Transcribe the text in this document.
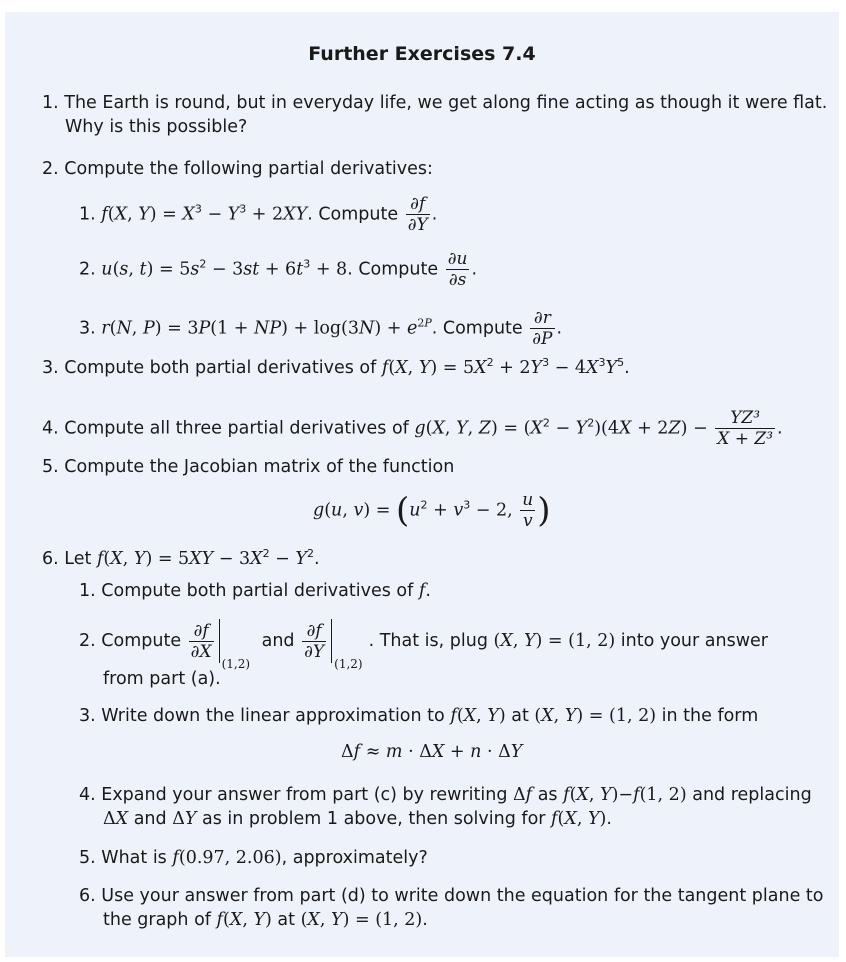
Further Exercises 7.4
1. The Earth is round, but in everyday life, we get along fine acting as though it were flat.
Why is this possible?
2. Compute the following partial derivatives:
1. f(X, $Y) = X^3 - Y^3 + 2XY$. Compute $\frac{\partial f}{\partial Y}$ .
2. u(s, $t) = 5s^2 - 3st + 6t^3 + 8$. Compute $\frac{\partial u}{\partial s}$ .
3. r(N, $P) = 3P(1 + NP) + \log(3N) + e^{2P}$. Compute $\frac{\partial r}{\partial P}$ .
3. Compute both partial derivatives of f(X, $Y) = 5X^2 + 2Y^3 - 4X^3Y^5$.
4. Compute all three partial derivatives of g(X, Y, $Z) = (X^2 - Y^2)(4X + 2Z) - \frac{\text{YZ³}}{\text{X + Z³}}$ .
5. Compute the Jacobian matrix of the function
g(u, $v) = (u^2 + v^3 - 2$, $\frac{u}{v}$ )
6. Let f(X, $Y) = 5XY - 3X^2 - Y^2$.
1. Compute both partial derivatives of f.
2. Compute $\frac{\partial f}{\partial X}$
(1,2) and $\frac{\partial f}{\partial Y}$
(1,2). That is, plug (X, Y) = (1, 2) into your answer
from part (a).
3. Write down the linear approximation to f(X, Y) at (X, Y) = (1, 2) in the form
Δf ≈ m · ΔX + n · ΔY
4. Expand your answer from part (c) by rewriting Δf as f(X, Y)−f(1, 2) and replacing
ΔX and ΔY as in problem 1 above, then solving for f(X, Y).
5. What is f(0.97, 2.06), approximately?
6. Use your answer from part (d) to write down the equation for the tangent plane to
the graph of f(X, Y) at (X, Y) = (1, 2).
